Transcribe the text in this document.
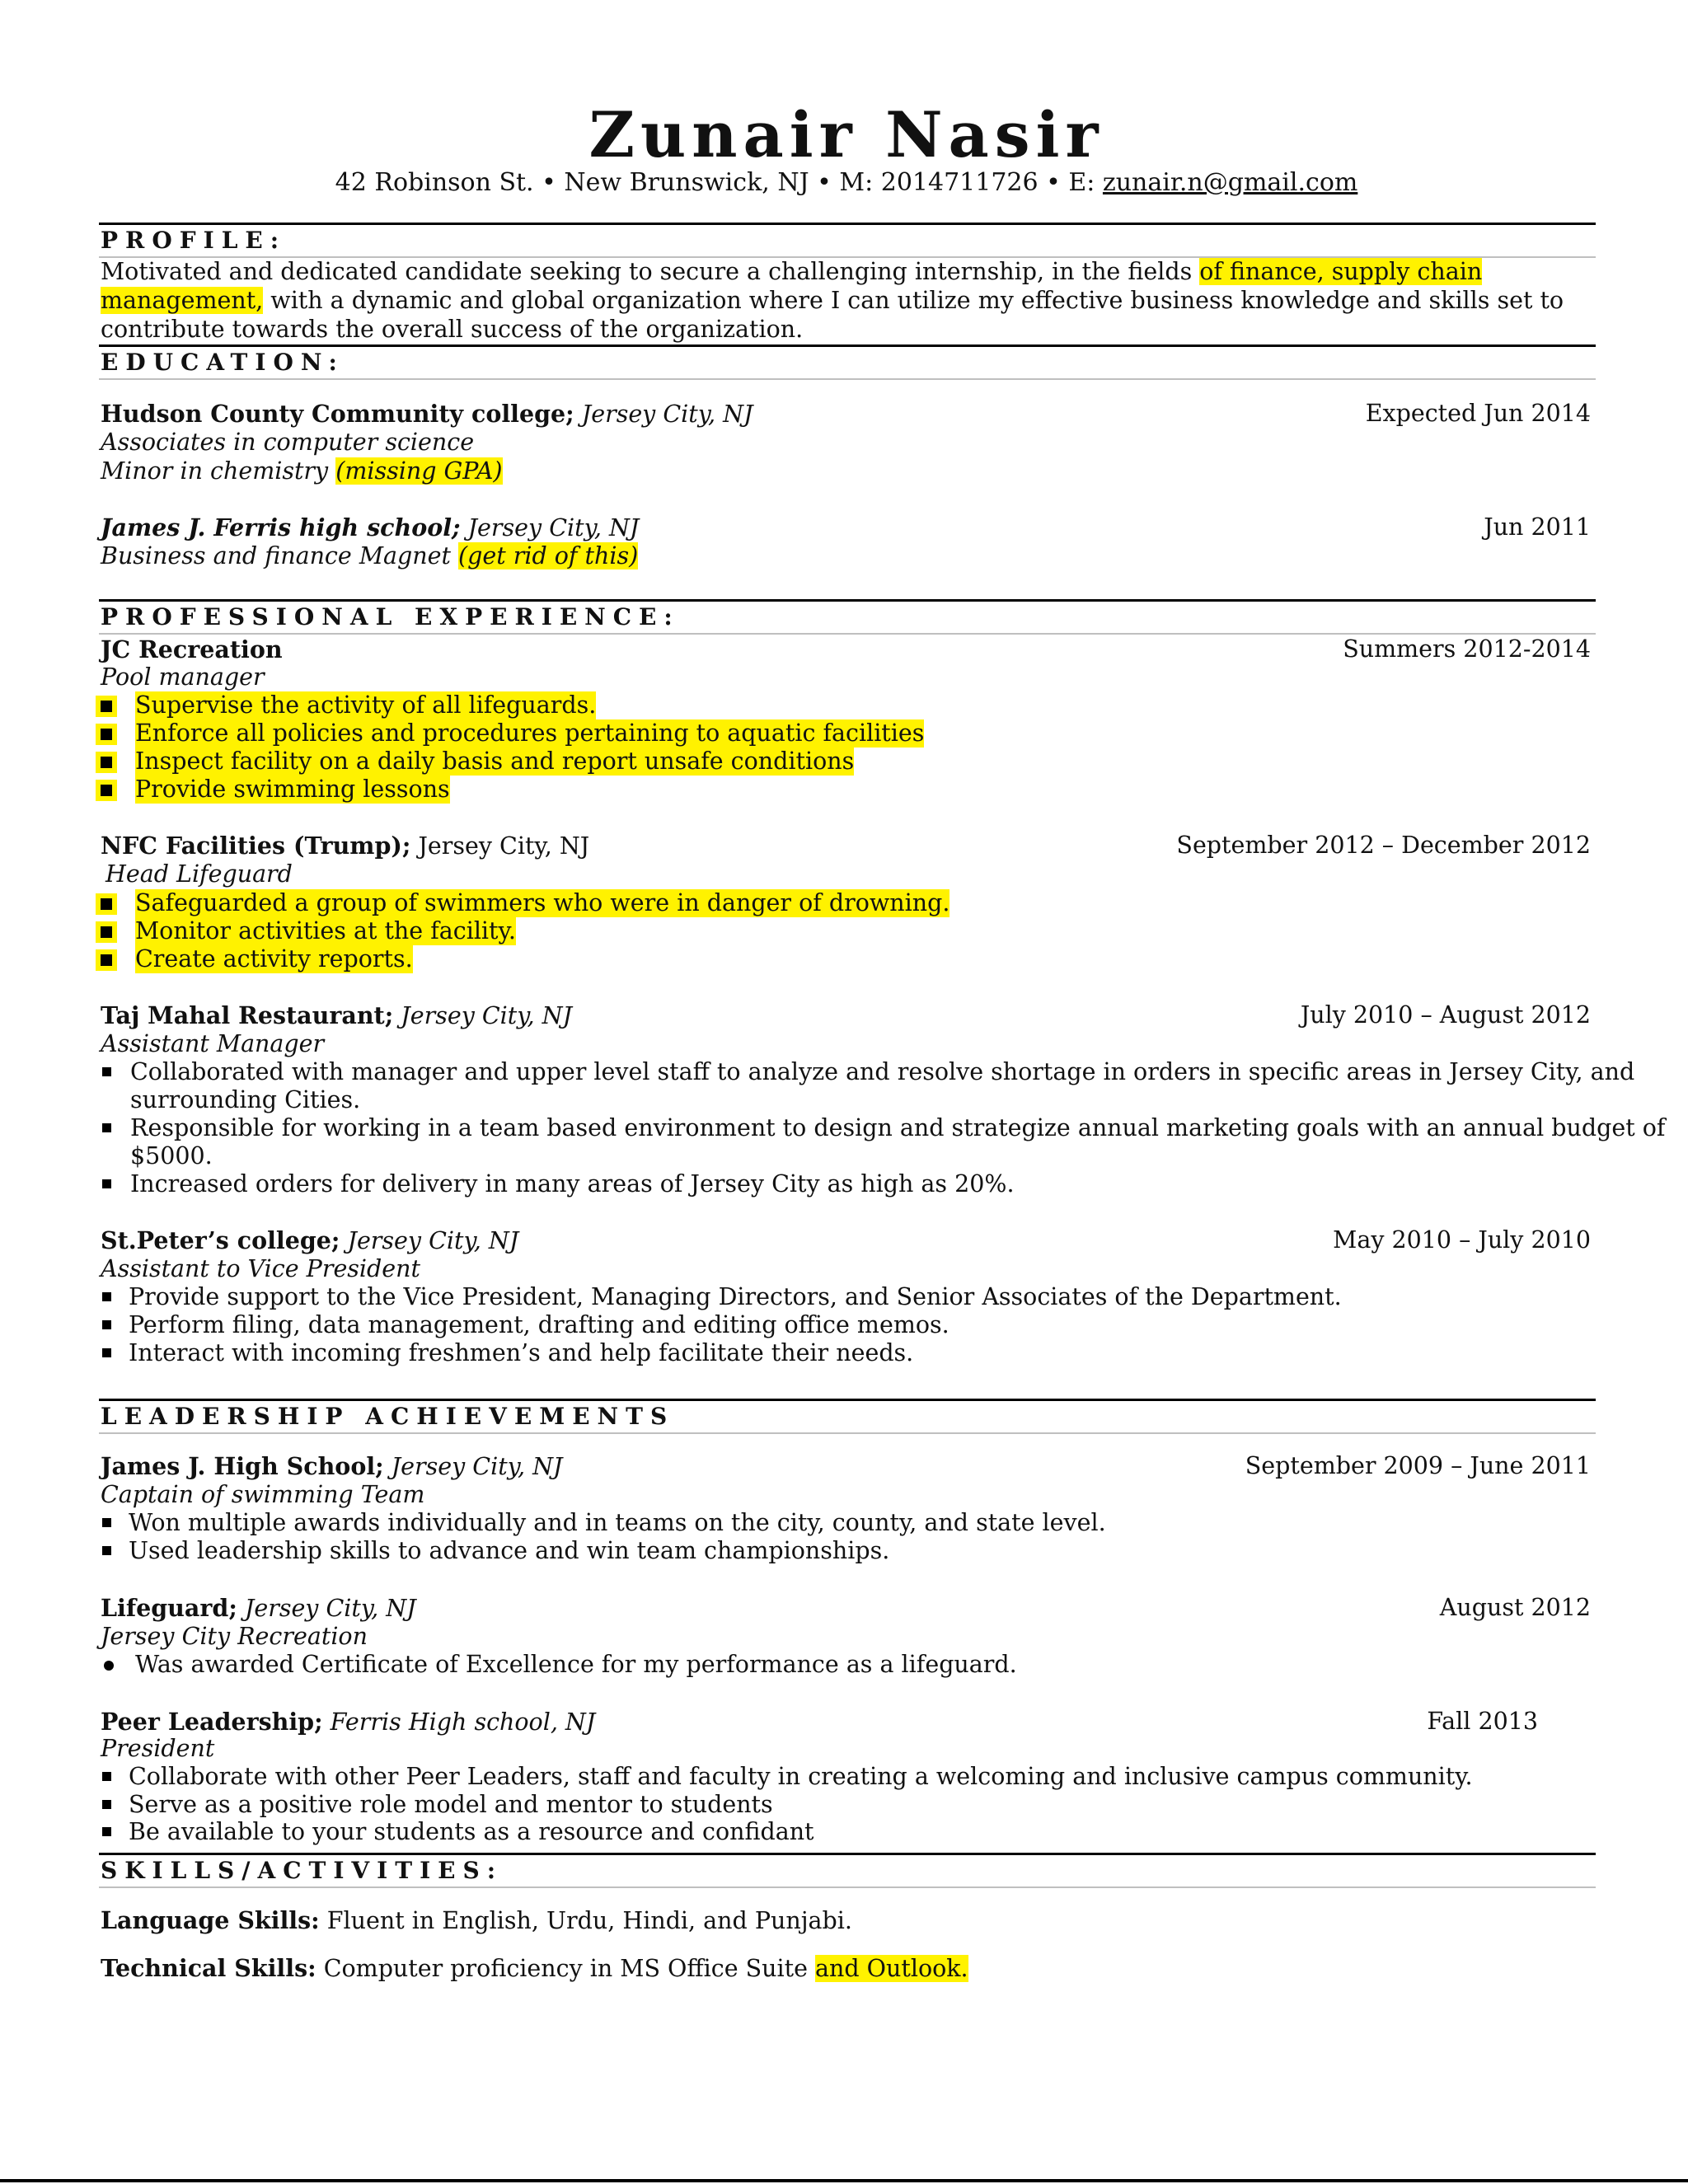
Zunair Nasir
42 Robinson St. • New Brunswick, NJ • M: 2014711726 • E: zunair.n@gmail.com
PROFILE:
Motivated and dedicated candidate seeking to secure a challenging internship, in the fields of finance, supply chain management, with a dynamic and global organization where I can utilize my effective business knowledge and skills set to contribute towards the overall success of the organization.
EDUCATION:
Hudson County Community college; Jersey City, NJ	Expected Jun 2014
Associates in computer science
Minor in chemistry (missing GPA)
James J. Ferris high school; Jersey City, NJ	Jun 2011
Business and finance Magnet (get rid of this)
PROFESSIONAL EXPERIENCE:
JC Recreation	Summers 2012-2014
Pool manager
Supervise the activity of all lifeguards.
Enforce all policies and procedures pertaining to aquatic facilities
Inspect facility on a daily basis and report unsafe conditions
Provide swimming lessons
NFC Facilities (Trump); Jersey City, NJ	September 2012 – December 2012
Head Lifeguard
Safeguarded a group of swimmers who were in danger of drowning.
Monitor activities at the facility.
Create activity reports.
Taj Mahal Restaurant; Jersey City, NJ	July 2010 – August 2012
Assistant Manager
Collaborated with manager and upper level staff to analyze and resolve shortage in orders in specific areas in Jersey City, and
surrounding Cities.
Responsible for working in a team based environment to design and strategize annual marketing goals with an annual budget of
$5000.
Increased orders for delivery in many areas of Jersey City as high as 20%.
St.Peter’s college; Jersey City, NJ	May 2010 – July 2010
Assistant to Vice President
Provide support to the Vice President, Managing Directors, and Senior Associates of the Department.
Perform filing, data management, drafting and editing office memos.
Interact with incoming freshmen’s and help facilitate their needs.
LEADERSHIP ACHIEVEMENTS
James J. High School; Jersey City, NJ	September 2009 – June 2011
Captain of swimming Team
Won multiple awards individually and in teams on the city, county, and state level.
Used leadership skills to advance and win team championships.
Lifeguard; Jersey City, NJ	August 2012
Jersey City Recreation
Was awarded Certificate of Excellence for my performance as a lifeguard.
Peer Leadership; Ferris High school, NJ	Fall 2013
President
Collaborate with other Peer Leaders, staff and faculty in creating a welcoming and inclusive campus community.
Serve as a positive role model and mentor to students
Be available to your students as a resource and confidant
SKILLS/ACTIVITIES:
Language Skills: Fluent in English, Urdu, Hindi, and Punjabi.
Technical Skills: Computer proficiency in MS Office Suite and Outlook.
